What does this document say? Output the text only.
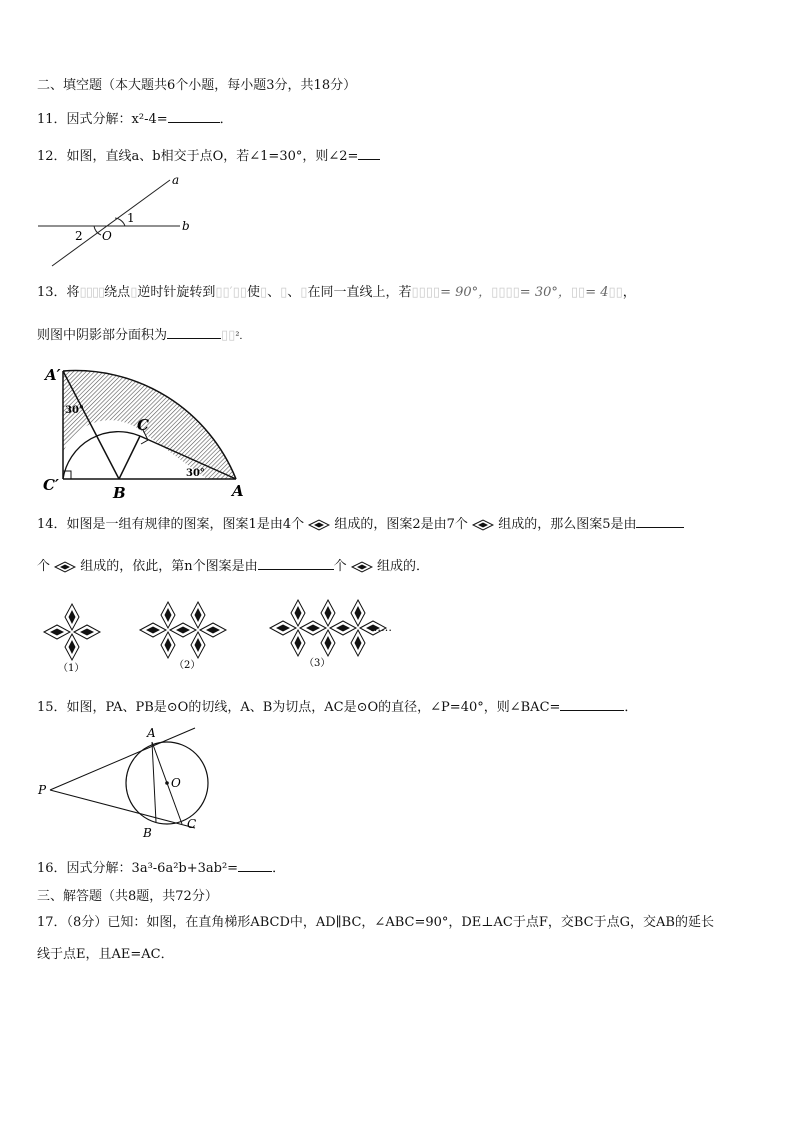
二、填空题（本大题共6个小题，每小题3分，共18分）
11．因式分解：x²-4=	．
12．如图，直线a、b相交于点O，若∠1=30°，则∠2=
a
b
O
1
2
13．将▯▯▯▯绕点▯逆时针旋转到▯▯′▯▯使▯、▯、▯在同一直线上，若▯▯▯▯= 90°，▯▯▯▯= 30°，▯▯= 4▯▯，
则图中阴影部分面积为	▯▯²．
A′
C
C′	B	A
30°
30°
14．如图是一组有规律的图案，图案1是由4个 组成的，图案2是由7个 组成的，那么图案5是由
个 组成的，依此，第n个图案是由	个 组成的．
……
（1）	（2）	（3）
15．如图，PA、PB是⊙O的切线，A、B为切点，AC是⊙O的直径，∠P=40°，则∠BAC=	．
A
B
C
O
P
16．因式分解：3a³-6a²b+3ab²=	．
三、解答题（共8题，共72分）
17．（8分）已知：如图，在直角梯形ABCD中，AD∥BC，∠ABC=90°，DE⊥AC于点F，交BC于点G，交AB的延长
线于点E，且AE=AC．
